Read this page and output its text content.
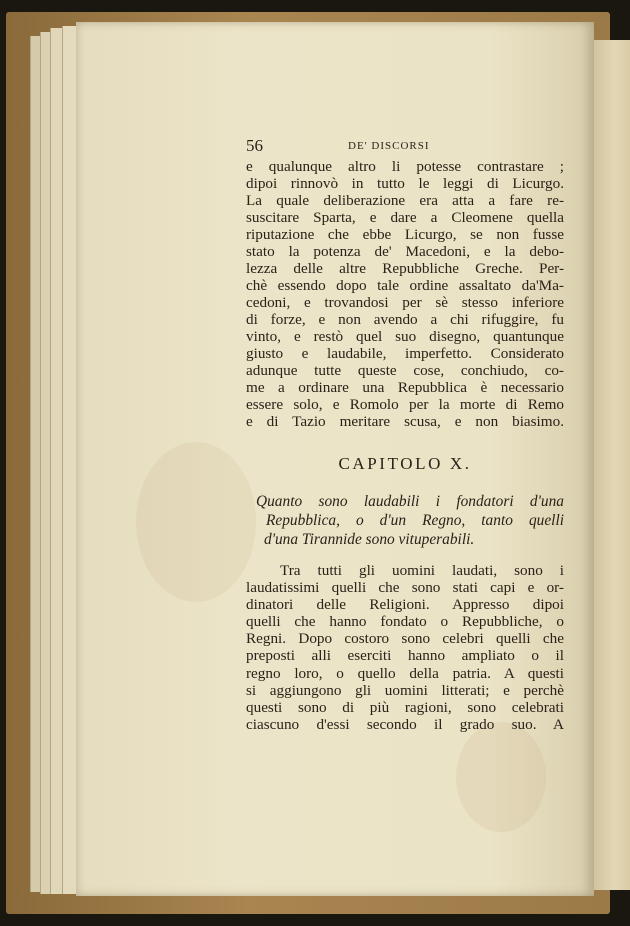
56	DE' DISCORSI
e qualunque altro li potesse contrastare ;
dipoi rinnovò in tutto le leggi di Licurgo.
La quale deliberazione era atta a fare re-
suscitare Sparta, e dare a Cleomene quella
riputazione che ebbe Licurgo, se non fusse
stato la potenza de' Macedoni, e la debo-
lezza delle altre Repubbliche Greche. Per-
chè essendo dopo tale ordine assaltato da'Ma-
cedoni, e trovandosi per sè stesso inferiore
di forze, e non avendo a chi rifuggire, fu
vinto, e restò quel suo disegno, quantunque
giusto e laudabile, imperfetto. Considerato
adunque tutte queste cose, conchiudo, co-
me a ordinare una Repubblica è necessario
essere solo, e Romolo per la morte di Remo
e di Tazio meritare scusa, e non biasimo.
CAPITOLO X.
Quanto sono laudabili i fondatori d'una
Repubblica, o d'un Regno, tanto quelli
d'una Tirannide sono vituperabili.
Tra tutti gli uomini laudati, sono i
laudatissimi quelli che sono stati capi e or-
dinatori delle Religioni. Appresso dipoi
quelli che hanno fondato o Repubbliche, o
Regni. Dopo costoro sono celebri quelli che
preposti alli eserciti hanno ampliato o il
regno loro, o quello della patria. A questi
si aggiungono gli uomini litterati; e perchè
questi sono di più ragioni, sono celebrati
ciascuno d'essi secondo il grado suo. A
